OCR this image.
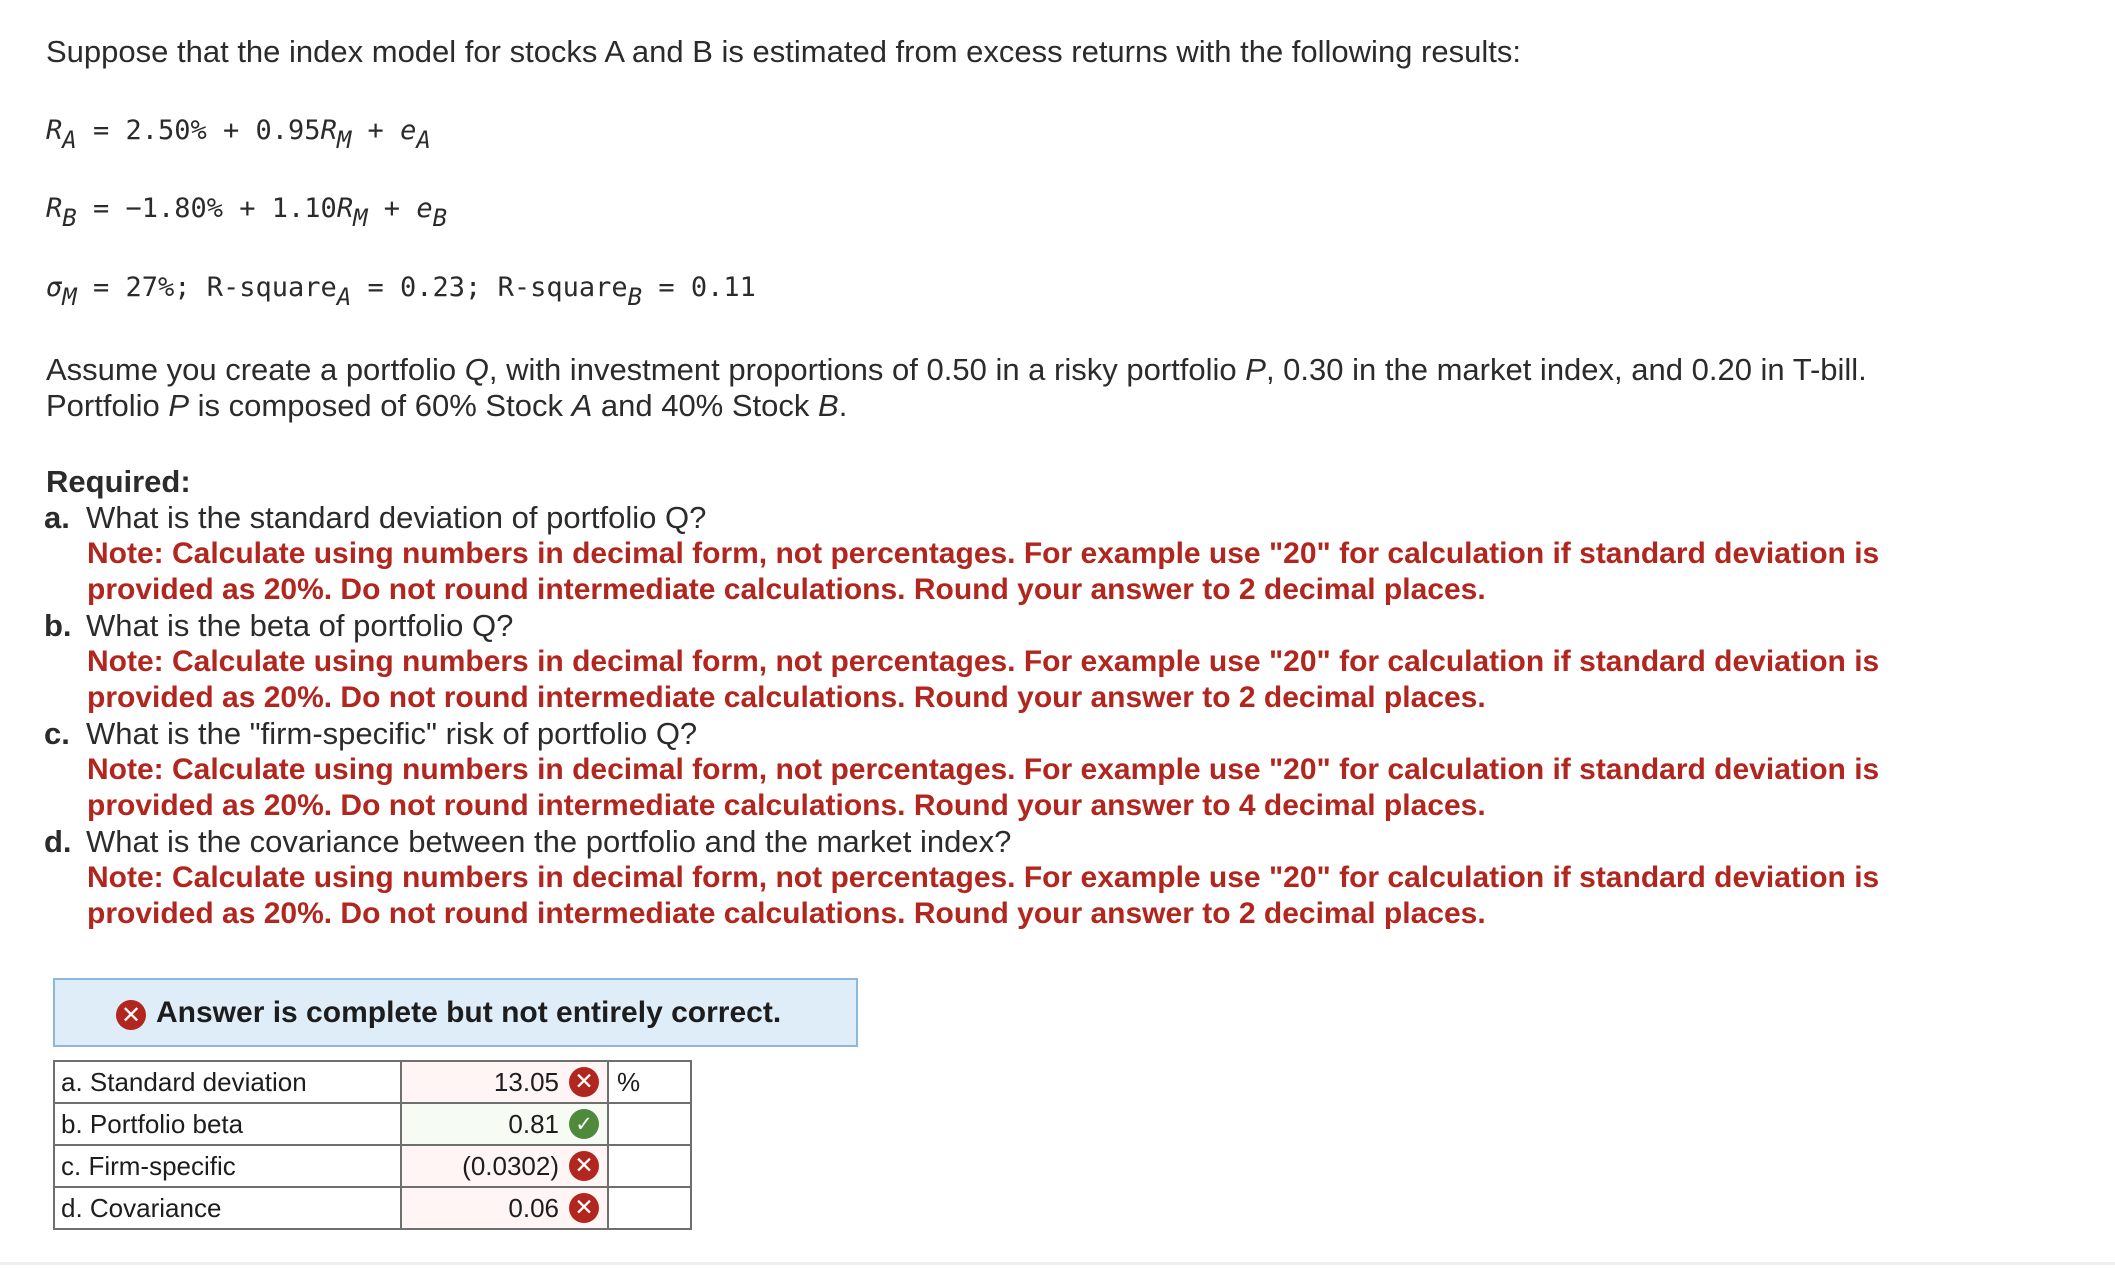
Suppose that the index model for stocks A and B is estimated from excess returns with the following results:
$R_A = 2.50\% + 0.95R_M + e_A$
$R_B = -1.80\% + 1.10R_M + e_B$
$\sigma_M = 27\%$; R-square$_A$ = 0.23; R-square$_B$ = 0.11
Assume you create a portfolio Q, with investment proportions of 0.50 in a risky portfolio P, 0.30 in the market index, and 0.20 in T-bill.
Portfolio P is composed of 60% Stock A and 40% Stock B.
Required:
a. What is the standard deviation of portfolio Q?
Note: Calculate using numbers in decimal form, not percentages. For example use "20" for calculation if standard deviation is
provided as 20%. Do not round intermediate calculations. Round your answer to 2 decimal places.
b. What is the beta of portfolio Q?
Note: Calculate using numbers in decimal form, not percentages. For example use "20" for calculation if standard deviation is
provided as 20%. Do not round intermediate calculations. Round your answer to 2 decimal places.
c. What is the "firm-specific" risk of portfolio Q?
Note: Calculate using numbers in decimal form, not percentages. For example use "20" for calculation if standard deviation is
provided as 20%. Do not round intermediate calculations. Round your answer to 4 decimal places.
d. What is the covariance between the portfolio and the market index?
Note: Calculate using numbers in decimal form, not percentages. For example use "20" for calculation if standard deviation is
provided as 20%. Do not round intermediate calculations. Round your answer to 2 decimal places.
✕ Answer is complete but not entirely correct.
a. Standard deviation	13.05 ✕	%
b. Portfolio beta	0.81 ✓	

c. Firm-specific	(0.0302) ✕	

d. Covariance	0.06 ✕	
